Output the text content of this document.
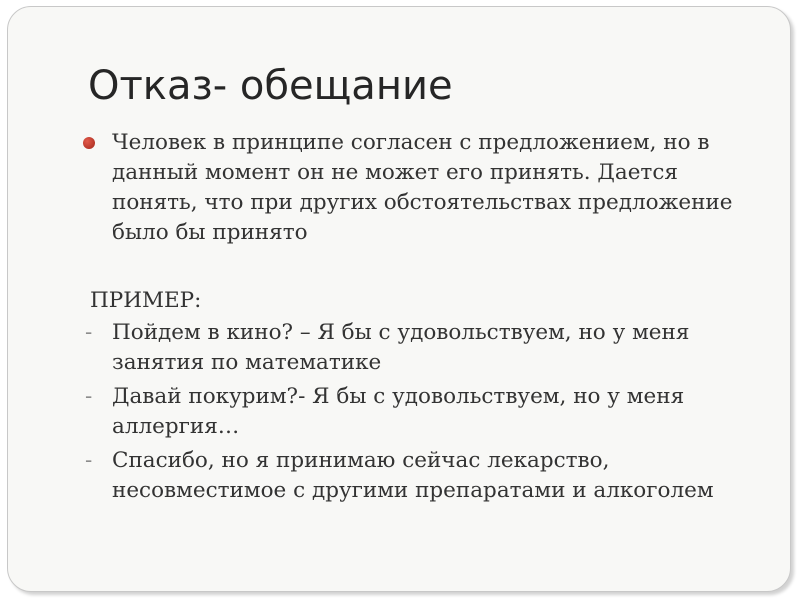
Отказ- обещание

Человек в принципе согласен с предложением, но в данный момент он не может его принять. Дается понять, что при других обстоятельствах предложение было бы принято

ПРИМЕР:

- Пойдем в кино? – Я бы с удовольствуем, но у меня занятия по математике
- Давай покурим?- Я бы с удовольствуем, но у меня аллергия…
- Спасибо, но я принимаю сейчас лекарство, несовместимое с другими препаратами и алкоголем
